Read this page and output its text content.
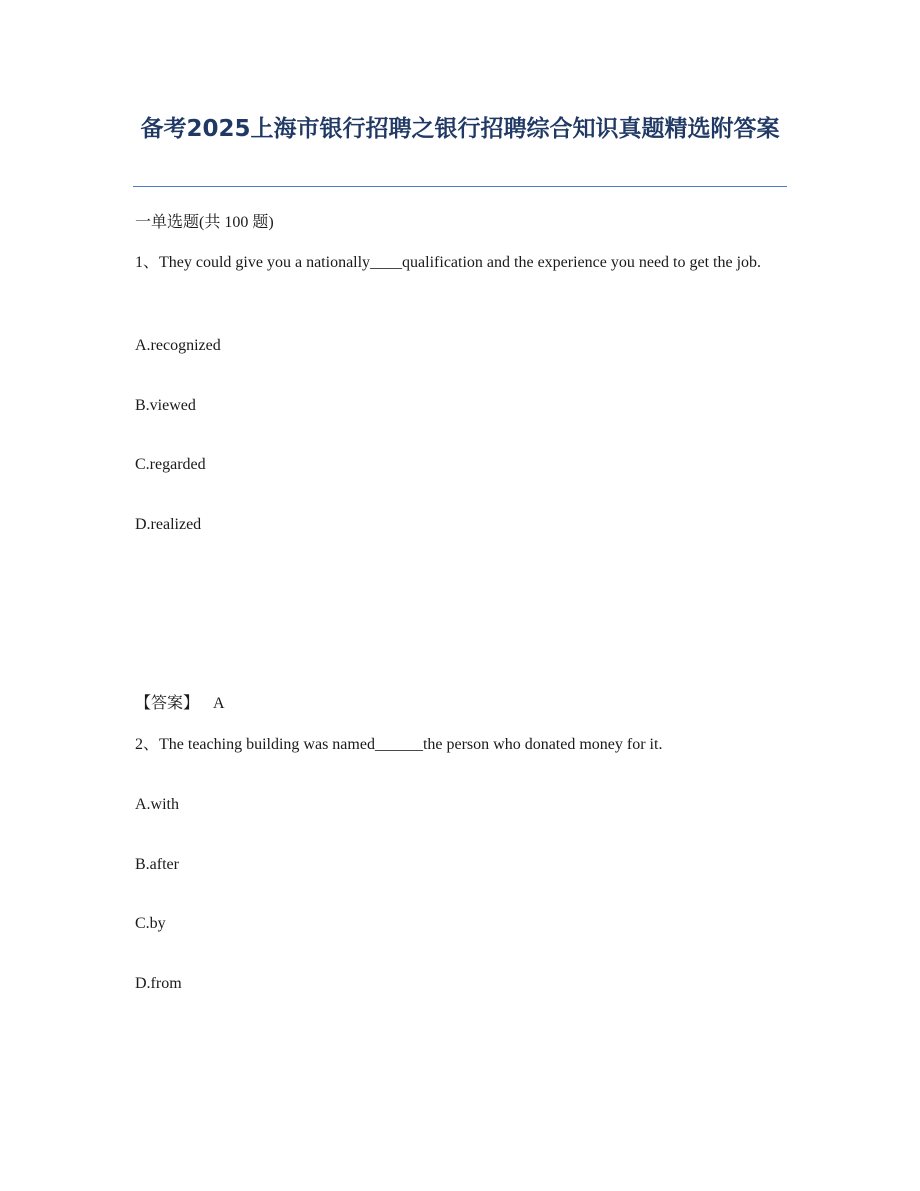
备考2025上海市银行招聘之银行招聘综合知识真题精选附答案
一单选题(共 100 题)
1、They could give you a nationally____qualification and the experience you need to get the job.
A.recognized
B.viewed
C.regarded
D.realized
【答案】 A
2、The teaching building was named______the person who donated money for it.
A.with
B.after
C.by
D.from
